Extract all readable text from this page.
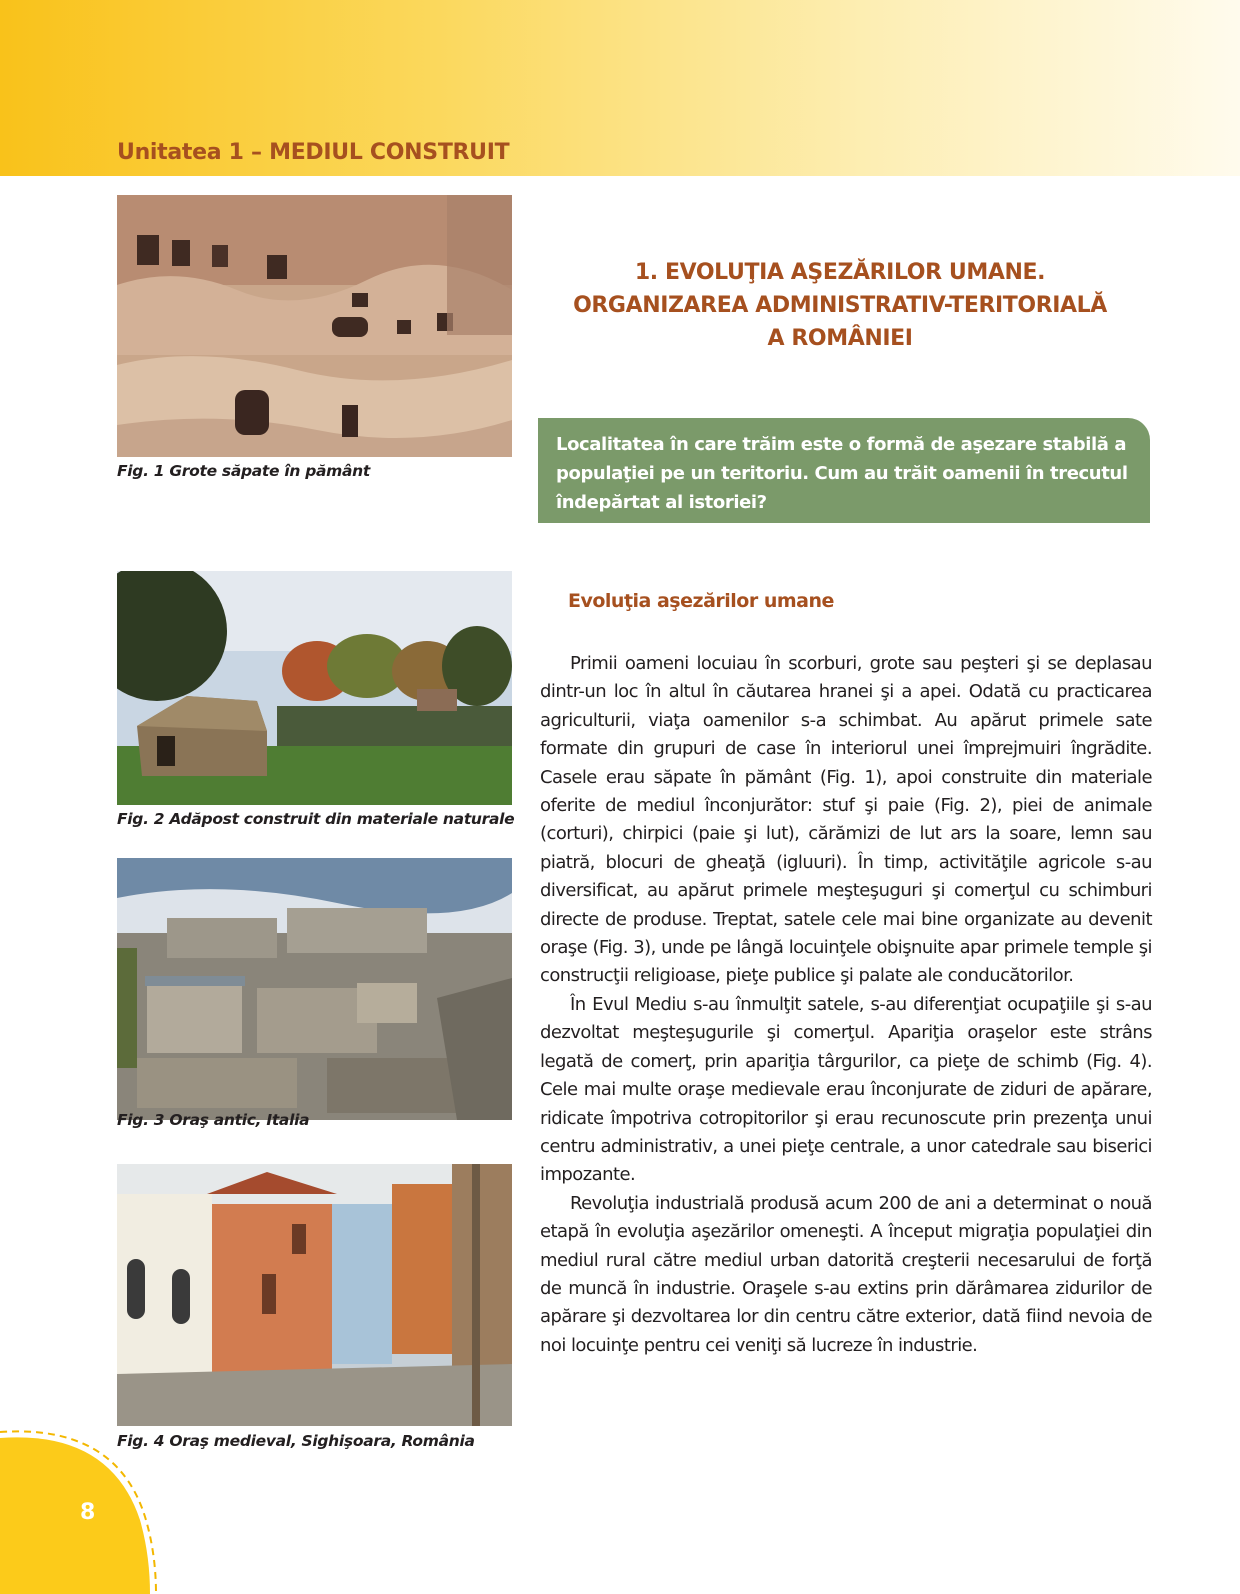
Unitatea 1 – MEDIUL CONSTRUIT
Fig. 1 Grote săpate în pământ
Fig. 2 Adăpost construit din materiale naturale
Fig. 3 Oraş antic, Italia
Fig. 4 Oraş medieval, Sighişoara, România
1. EVOLUŢIA AŞEZĂRILOR UMANE.
ORGANIZAREA ADMINISTRATIV-TERITORIALĂ
A ROMÂNIEI
Localitatea în care trăim este o formă de aşezare stabilă a populaţiei pe un teritoriu. Cum au trăit oamenii în trecutul îndepărtat al istoriei?
Evoluţia aşezărilor umane

Primii oameni locuiau în scorburi, grote sau peşteri şi se deplasau dintr-un loc în altul în căutarea hranei şi a apei. Odată cu practicarea agriculturii, viaţa oamenilor s-a schimbat. Au apărut primele sate formate din grupuri de case în interiorul unei împrejmuiri îngrădite. Casele erau săpate în pământ (Fig. 1), apoi construite din materiale oferite de mediul înconjurător: stuf şi paie (Fig. 2), piei de animale (corturi), chirpici (paie şi lut), cărămizi de lut ars la soare, lemn sau piatră, blocuri de gheaţă (igluuri). În timp, activităţile agricole s-au diversificat, au apărut primele meşteşuguri şi comerţul cu schimburi directe de produse. Treptat, satele cele mai bine organizate au devenit oraşe (Fig. 3), unde pe lângă locuinţele obişnuite apar primele temple şi construcţii religioase, pieţe publice şi palate ale conducătorilor.

În Evul Mediu s-au înmulţit satele, s-au diferenţiat ocupaţiile şi s-au dezvoltat meşteşugurile şi comerţul. Apariţia oraşelor este strâns legată de comerţ, prin apariţia târgurilor, ca pieţe de schimb (Fig. 4). Cele mai multe oraşe medievale erau înconjurate de ziduri de apărare, ridicate împotriva cotropitorilor şi erau recunoscute prin prezenţa unui centru administrativ, a unei pieţe centrale, a unor catedrale sau biserici impozante.

Revoluţia industrială produsă acum 200 de ani a determinat o nouă etapă în evoluţia aşezărilor omeneşti. A început migraţia populaţiei din mediul rural către mediul urban datorită creşterii necesarului de forţă de muncă în industrie. Oraşele s-au extins prin dărâmarea zidurilor de apărare şi dezvoltarea lor din centru către exterior, dată fiind nevoia de noi locuinţe pentru cei veniţi să lucreze în industrie.

8
